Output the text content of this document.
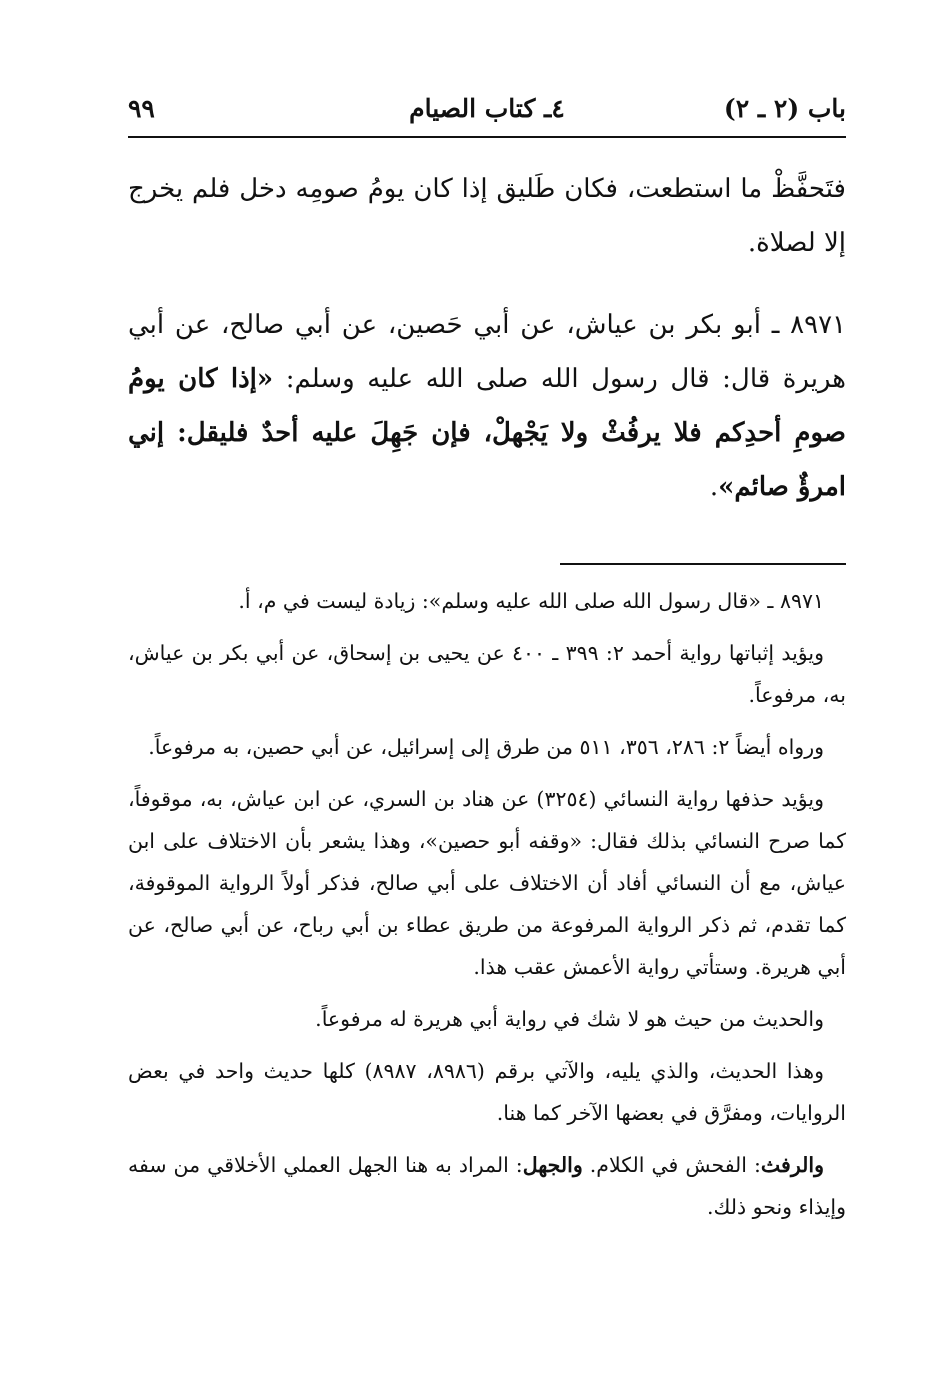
باب (٢ ـ ٢)
٤ـ كتاب الصيام
٩٩

فتَحفَّظْ ما استطعت، فكان طَليق إذا كان يومُ صومِه دخل فلم يخرج إلا لصلاة.

٨٩٧١ ـ أبو بكر بن عياش، عن أبي حَصين، عن أبي صالح، عن أبي هريرة قال: قال رسول الله صلى الله عليه وسلم: «إذا كان يومُ صومِ أحدِكم فلا يرفُثْ ولا يَجْهلْ، فإن جَهِلَ عليه أحدٌ فليقل: إني امرؤٌ صائم».

٨٩٧١ ـ «قال رسول الله صلى الله عليه وسلم»: زيادة ليست في م، أ.

ويؤيد إثباتها رواية أحمد ٢: ٣٩٩ ـ ٤٠٠ عن يحيى بن إسحاق، عن أبي بكر بن عياش، به، مرفوعاً.

ورواه أيضاً ٢: ٢٨٦، ٣٥٦، ٥١١ من طرق إلى إسرائيل، عن أبي حصين، به مرفوعاً.

ويؤيد حذفها رواية النسائي (٣٢٥٤) عن هناد بن السري، عن ابن عياش، به، موقوفاً، كما صرح النسائي بذلك فقال: «وقفه أبو حصين»، وهذا يشعر بأن الاختلاف على ابن عياش، مع أن النسائي أفاد أن الاختلاف على أبي صالح، فذكر أولاً الرواية الموقوفة، كما تقدم، ثم ذكر الرواية المرفوعة من طريق عطاء بن أبي رباح، عن أبي صالح، عن أبي هريرة. وستأتي رواية الأعمش عقب هذا.

والحديث من حيث هو لا شك في رواية أبي هريرة له مرفوعاً.

وهذا الحديث، والذي يليه، والآتي برقم (٨٩٨٦، ٨٩٨٧) كلها حديث واحد في بعض الروايات، ومفرَّق في بعضها الآخر كما هنا.

والرفث: الفحش في الكلام. والجهل: المراد به هنا الجهل العملي الأخلاقي من سفه وإيذاء ونحو ذلك.
